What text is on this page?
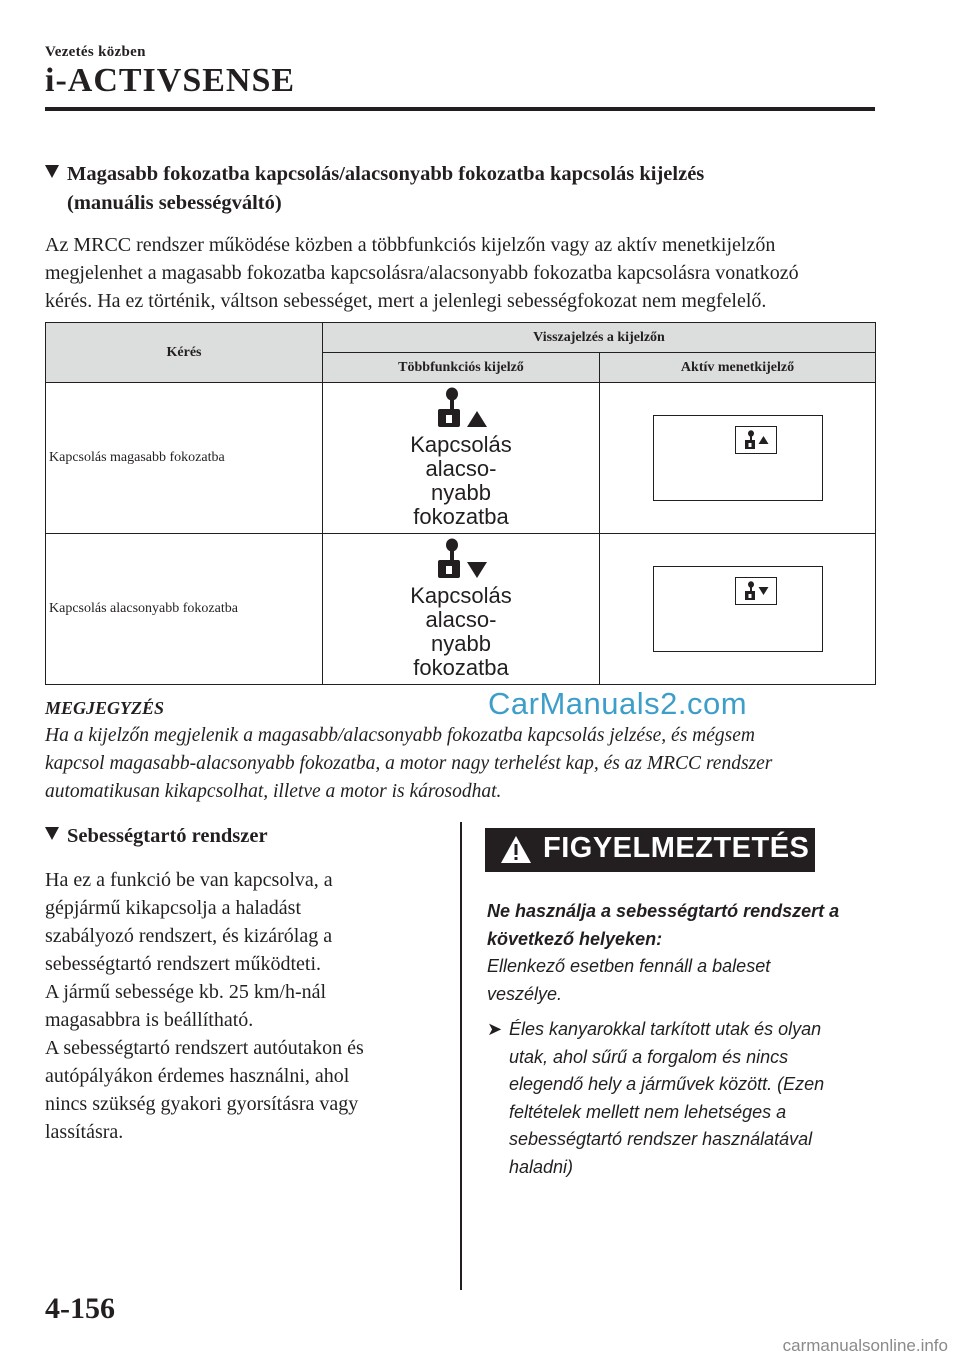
Vezetés közben
i-ACTIVSENSE
Magasabb fokozatba kapcsolás/alacsonyabb fokozatba kapcsolás kijelzés
(manuális sebességváltó)
Az MRCC rendszer működése közben a többfunkciós kijelzőn vagy az aktív menetkijelzőn
megjelenhet a magasabb fokozatba kapcsolásra/alacsonyabb fokozatba kapcsolásra vonatkozó
kérés. Ha ez történik, váltson sebességet, mert a jelenlegi sebességfokozat nem megfelelő.
Kérés	Visszajelzés a kijelzőn	
	Többfunkciós kijelző	Aktív menetkijelző
Kapcsolás magasabb fokozatba	Kapcsolás
alacso-
nyabb
fokozatba

Kapcsolás alacsonyabb fokozatba	Kapcsolás
alacso-
nyabb
fokozatba

CarManuals2.com
MEGJEGYZÉS
Ha a kijelzőn megjelenik a magasabb/alacsonyabb fokozatba kapcsolás jelzése, és mégsem
kapcsol magasabb-alacsonyabb fokozatba, a motor nagy terhelést kap, és az MRCC rendszer
automatikusan kikapcsolhat, illetve a motor is károsodhat.
Sebességtartó rendszer
Ha ez a funkció be van kapcsolva, a
gépjármű kikapcsolja a haladást
szabályozó rendszert, és kizárólag a
sebességtartó rendszert működteti.
A jármű sebessége kb. 25 km/h-nál
magasabbra is beállítható.
A sebességtartó rendszert autóutakon és
autópályákon érdemes használni, ahol
nincs szükség gyakori gyorsításra vagy
lassításra.
FIGYELMEZTETÉS
Ne használja a sebességtartó rendszert a
következő helyeken:
Ellenkező esetben fennáll a baleset
veszélye.
➤ Éles kanyarokkal tarkított utak és olyan
utak, ahol sűrű a forgalom és nincs
elegendő hely a járművek között. (Ezen
feltételek mellett nem lehetséges a
sebességtartó rendszer használatával
haladni)
4-156
carmanualsonline.info
